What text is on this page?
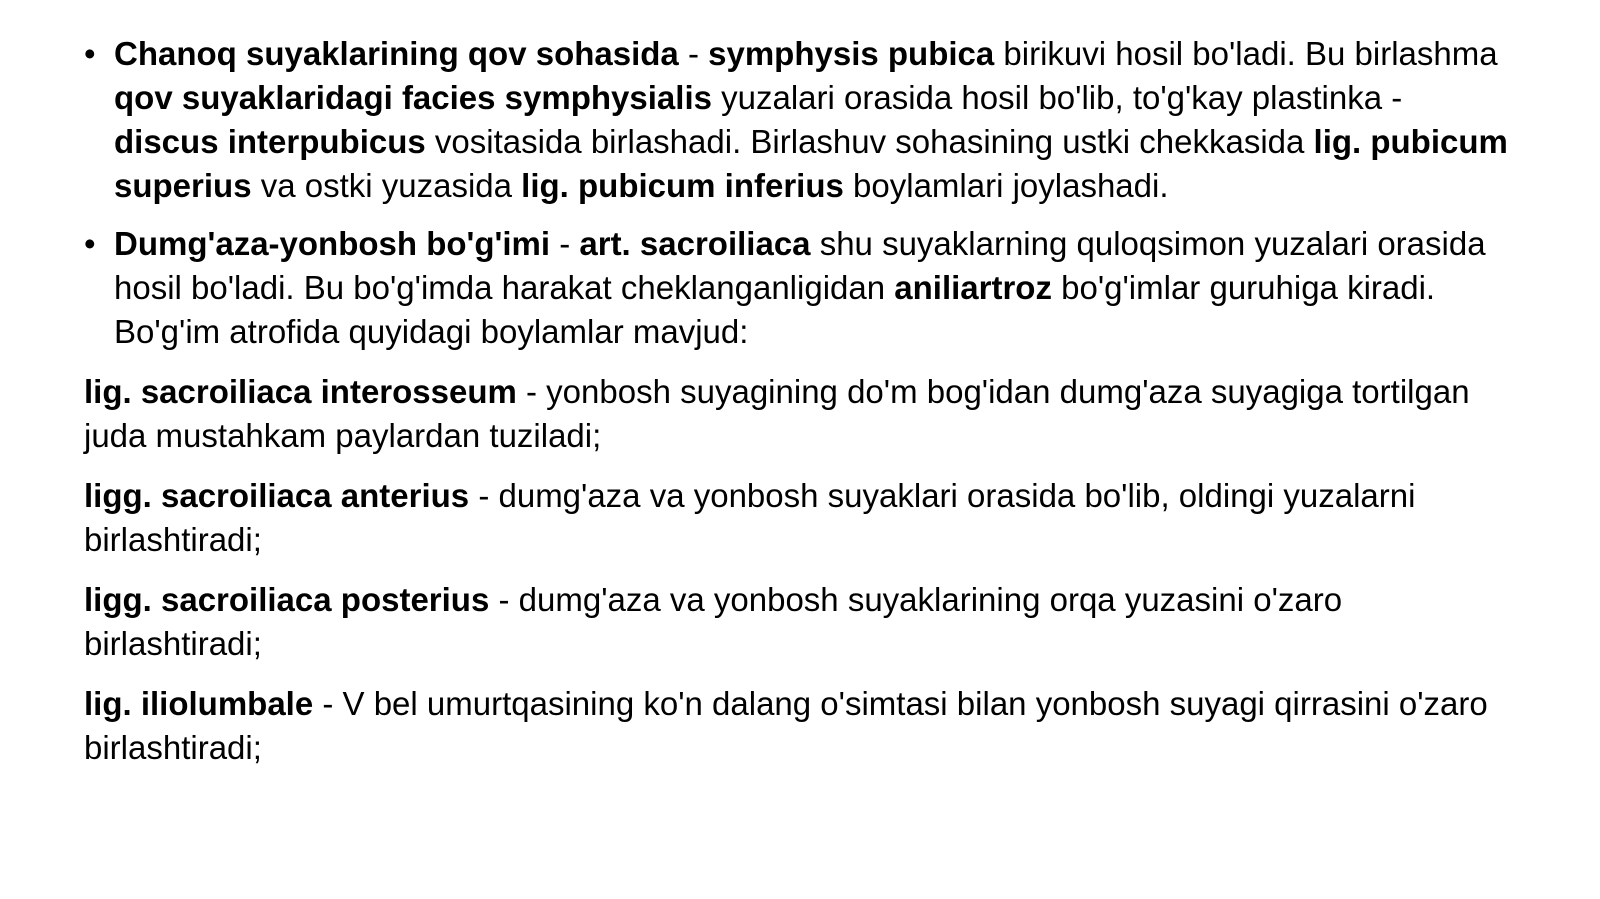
• Chanoq suyaklarining qov sohasida - symphysis pubica birikuvi hosil bo'ladi. Bu birlashma qov suyaklaridagi facies symphysialis yuzalari orasida hosil bo'lib, to'g'kay plastinka - discus interpubicus vositasida birlashadi. Birlashuv sohasining ustki chekkasida lig. pubicum superius va ostki yuzasida lig. pubicum inferius boylamlari joylashadi.
• Dumg'aza-yonbosh bo'g'imi - art. sacroiliaca shu suyaklarning quloqsimon yuzalari orasida hosil bo'ladi. Bu bo'g'imda harakat cheklanganligidan aniliartroz bo'g'imlar guruhiga kiradi. Bo'g'im atrofida quyidagi boylamlar mavjud:

lig. sacroiliaca interosseum - yonbosh suyagining do'm bog'idan dumg'aza suyagiga tortilgan juda mustahkam paylardan tuziladi;

ligg. sacroiliaca anterius - dumg'aza va yonbosh suyaklari orasida bo'lib, oldingi yuzalarni birlashtiradi;

ligg. sacroiliaca posterius - dumg'aza va yonbosh suyaklarining orqa yuzasini o'zaro birlashtiradi;

lig. iliolumbale - V bel umurtqasining ko'n dalang o'simtasi bilan yonbosh suyagi qirrasini o'zaro birlashtiradi;
